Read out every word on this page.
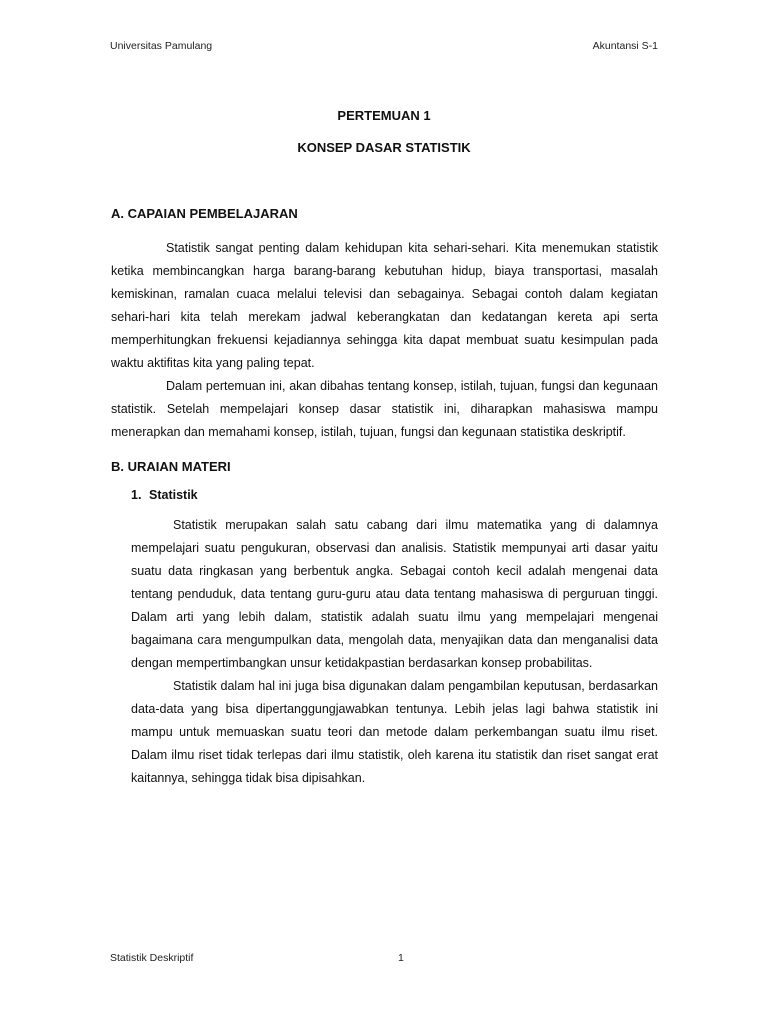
Universitas Pamulang	Akuntansi S-1

PERTEMUAN 1

KONSEP DASAR STATISTIK

A. CAPAIAN PEMBELAJARAN

Statistik sangat penting dalam kehidupan kita sehari-sehari. Kita menemukan statistik ketika membincangkan harga barang-barang kebutuhan hidup, biaya transportasi, masalah kemiskinan, ramalan cuaca melalui televisi dan sebagainya. Sebagai contoh dalam kegiatan sehari-hari kita telah merekam jadwal keberangkatan dan kedatangan kereta api serta memperhitungkan frekuensi kejadiannya sehingga kita dapat membuat suatu kesimpulan pada waktu aktifitas kita yang paling tepat.

Dalam pertemuan ini, akan dibahas tentang konsep, istilah, tujuan, fungsi dan kegunaan statistik. Setelah mempelajari konsep dasar statistik ini, diharapkan mahasiswa mampu menerapkan dan memahami konsep, istilah, tujuan, fungsi dan kegunaan statistika deskriptif.

B. URAIAN MATERI

1. Statistik

Statistik merupakan salah satu cabang dari ilmu matematika yang di dalamnya mempelajari suatu pengukuran, observasi dan analisis. Statistik mempunyai arti dasar yaitu suatu data ringkasan yang berbentuk angka. Sebagai contoh kecil adalah mengenai data tentang penduduk, data tentang guru-guru atau data tentang mahasiswa di perguruan tinggi. Dalam arti yang lebih dalam, statistik adalah suatu ilmu yang mempelajari mengenai bagaimana cara mengumpulkan data, mengolah data, menyajikan data dan menganalisi data dengan mempertimbangkan unsur ketidakpastian berdasarkan konsep probabilitas.

Statistik dalam hal ini juga bisa digunakan dalam pengambilan keputusan, berdasarkan data-data yang bisa dipertanggungjawabkan tentunya. Lebih jelas lagi bahwa statistik ini mampu untuk memuaskan suatu teori dan metode dalam perkembangan suatu ilmu riset. Dalam ilmu riset tidak terlepas dari ilmu statistik, oleh karena itu statistik dan riset sangat erat kaitannya, sehingga tidak bisa dipisahkan.

Statistik Deskriptif	1
